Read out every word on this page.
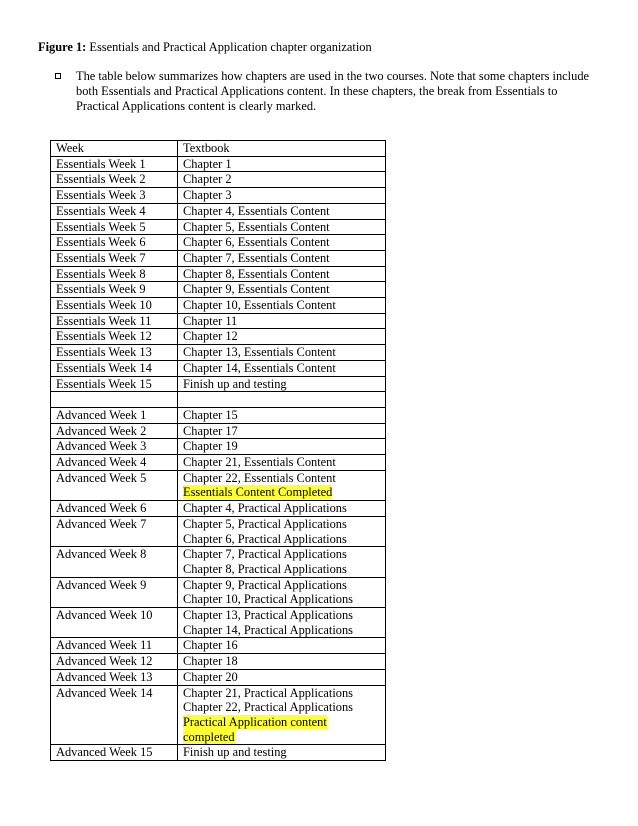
Figure 1: Essentials and Practical Application chapter organization
The table below summarizes how chapters are used in the two courses. Note that some chapters include
both Essentials and Practical Applications content. In these chapters, the break from Essentials to
Practical Applications content is clearly marked.
Week	Textbook
Essentials Week 1	Chapter 1

Essentials Week 2	Chapter 2

Essentials Week 3	Chapter 3

Essentials Week 4	Chapter 4, Essentials Content

Essentials Week 5	Chapter 5, Essentials Content

Essentials Week 6	Chapter 6, Essentials Content

Essentials Week 7	Chapter 7, Essentials Content

Essentials Week 8	Chapter 8, Essentials Content

Essentials Week 9	Chapter 9, Essentials Content

Essentials Week 10	Chapter 10, Essentials Content

Essentials Week 11	Chapter 11

Essentials Week 12	Chapter 12

Essentials Week 13	Chapter 13, Essentials Content

Essentials Week 14	Chapter 14, Essentials Content

Essentials Week 15	Finish up and testing

Advanced Week 1	Chapter 15

Advanced Week 2	Chapter 17

Advanced Week 3	Chapter 19

Advanced Week 4	Chapter 21, Essentials Content

Advanced Week 5	Chapter 22, Essentials Content
Essentials Content Completed

Advanced Week 6	Chapter 4, Practical Applications

Advanced Week 7	Chapter 5, Practical Applications
Chapter 6, Practical Applications

Advanced Week 8	Chapter 7, Practical Applications
Chapter 8, Practical Applications

Advanced Week 9	Chapter 9, Practical Applications
Chapter 10, Practical Applications

Advanced Week 10	Chapter 13, Practical Applications
Chapter 14, Practical Applications

Advanced Week 11	Chapter 16

Advanced Week 12	Chapter 18

Advanced Week 13	Chapter 20

Advanced Week 14	Chapter 21, Practical Applications
Chapter 22, Practical Applications
Practical Application content
completed

Advanced Week 15	Finish up and testing
